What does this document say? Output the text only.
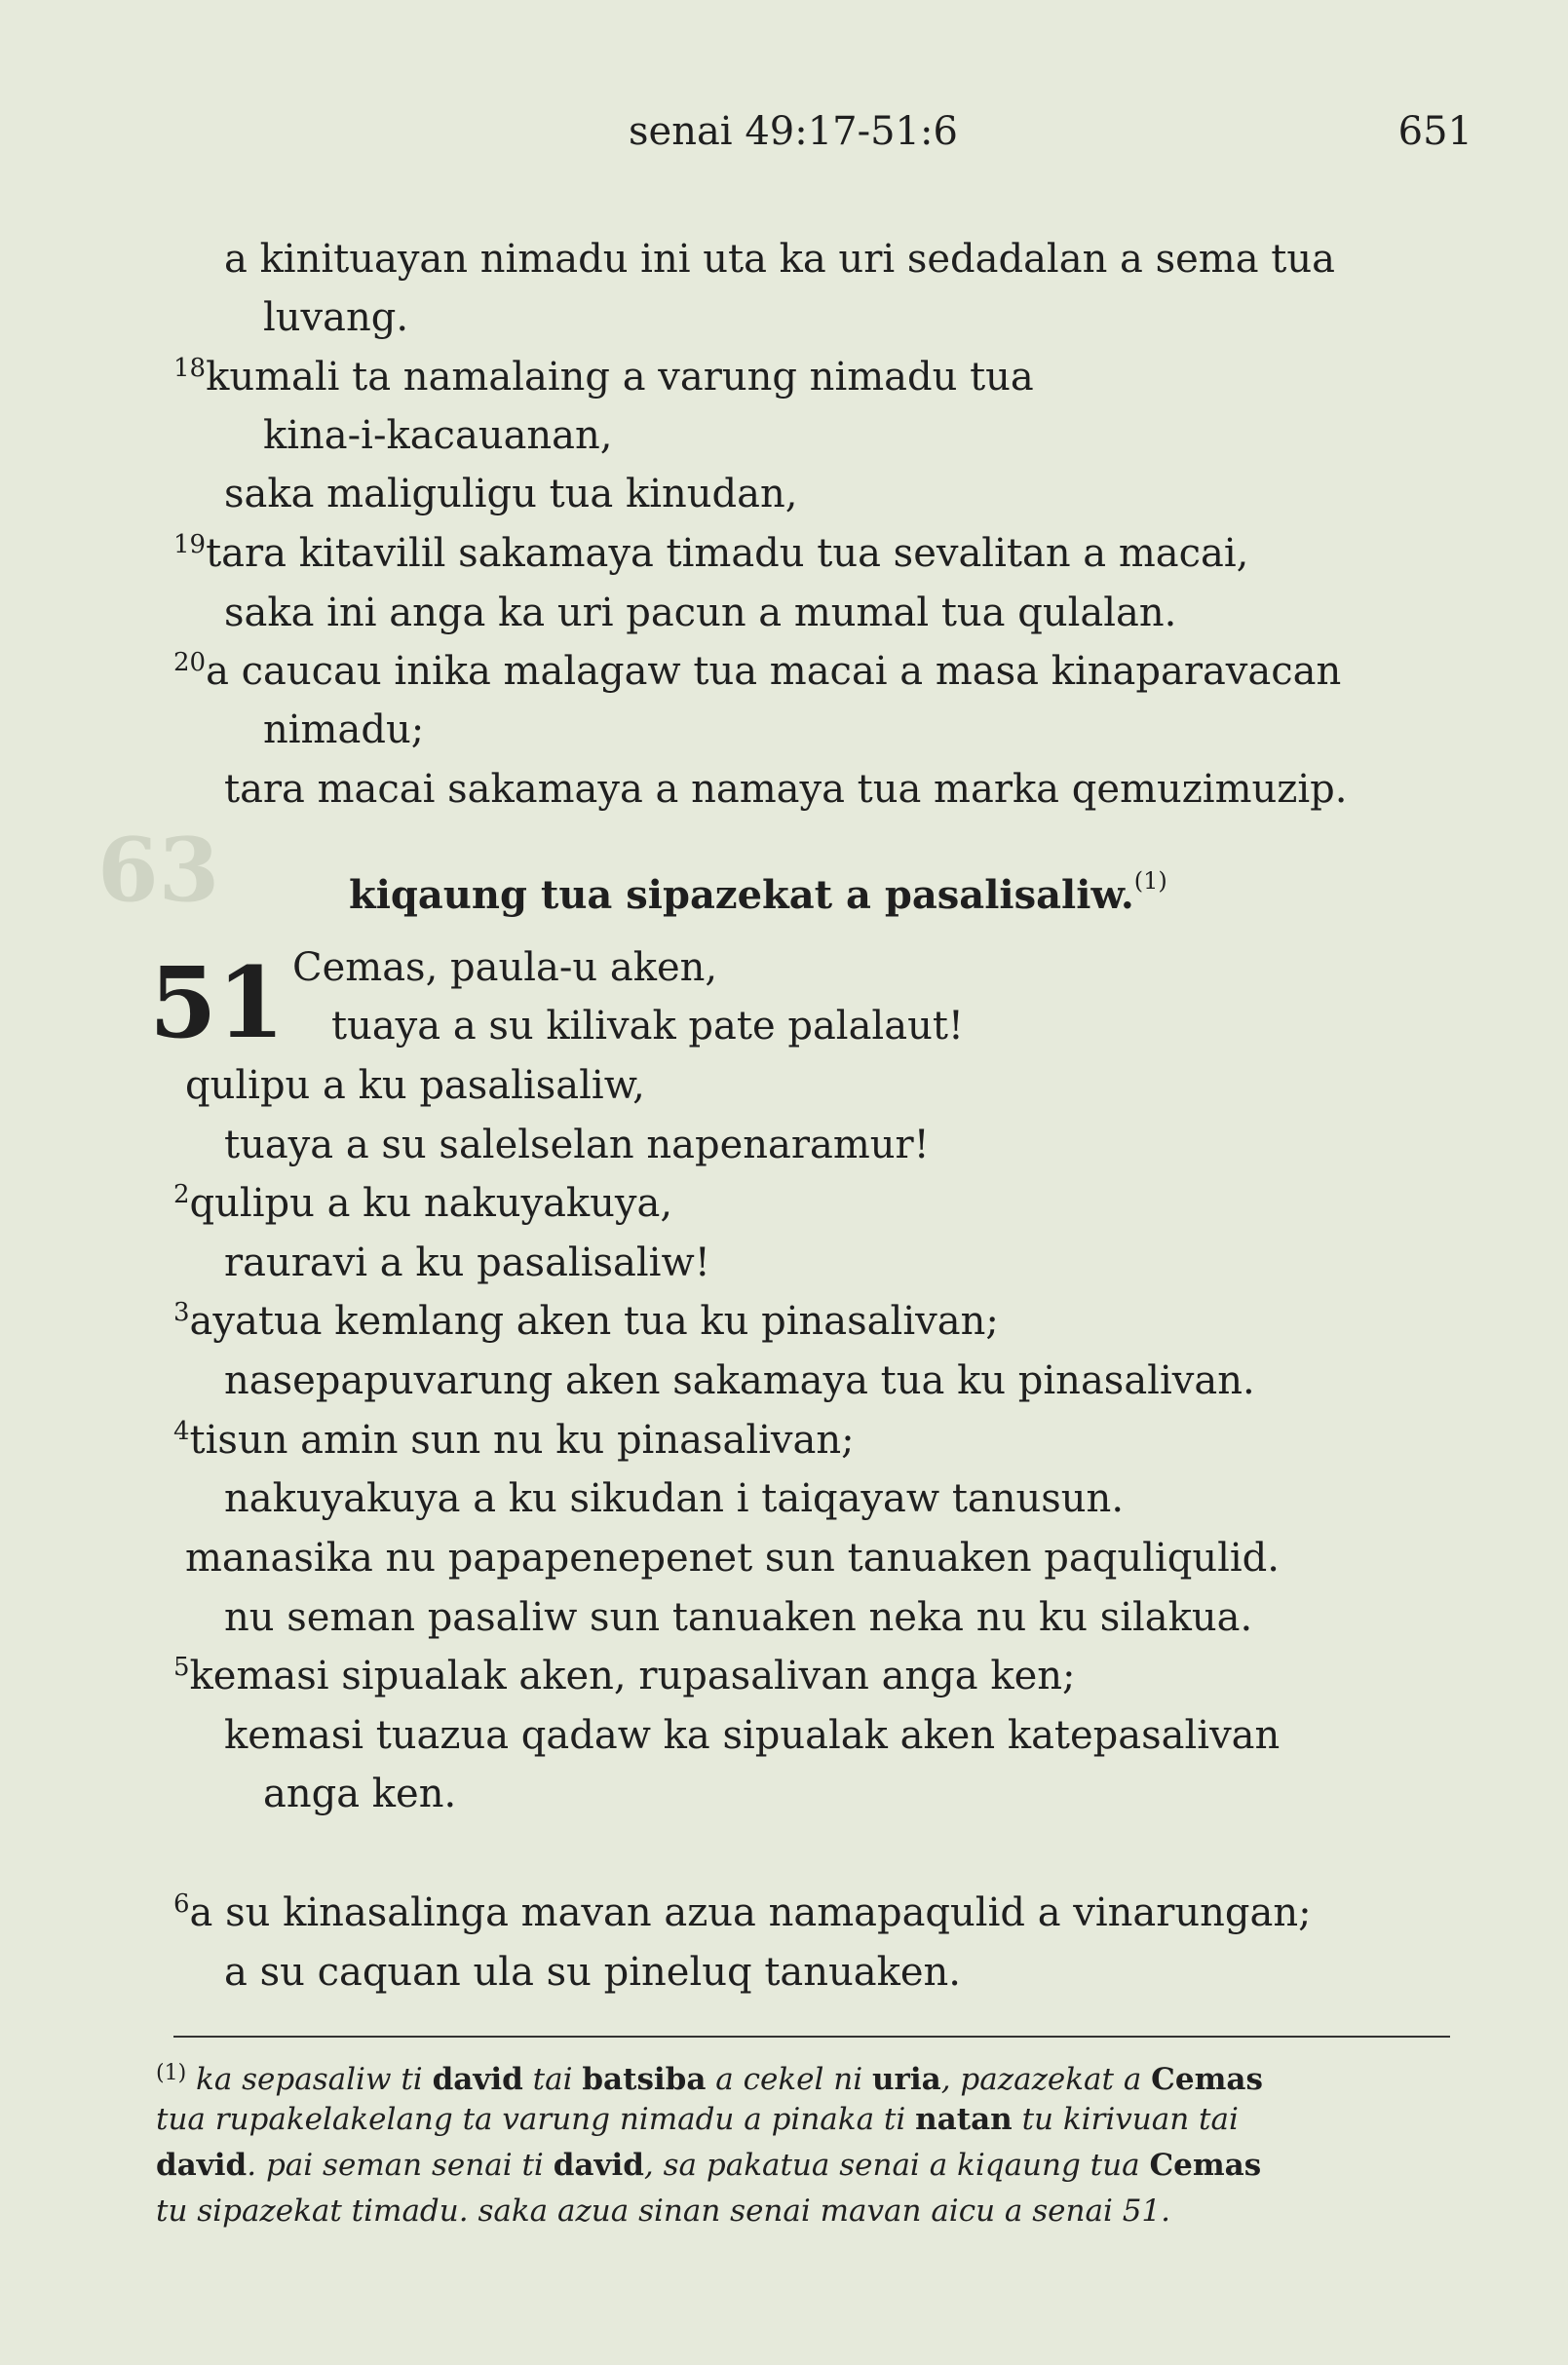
63
senai 49:17-51:6	651
a kinituayan nimadu ini uta ka uri sedadalan a sema tua
luvang.
$^{18}$kumali ta namalaing a varung nimadu tua
kina-i-kacauanan,
saka maliguligu tua kinudan,
$^{19}$tara kitavilil sakamaya timadu tua sevalitan a macai,
saka ini anga ka uri pacun a mumal tua qulalan.
$^{20}$a caucau inika malagaw tua macai a masa kinaparavacan
nimadu;
tara macai sakamaya a namaya tua marka qemuzimuzip.
kiqaung tua sipazekat a pasalisaliw.$^{(1)}$
51 Cemas, paula-u aken,
tuaya a su kilivak pate palalaut!
qulipu a ku pasalisaliw,
tuaya a su salelselan napenaramur!
$^2$qulipu a ku nakuyakuya,
rauravi a ku pasalisaliw!
$^3$ayatua kemlang aken tua ku pinasalivan;
nasepapuvarung aken sakamaya tua ku pinasalivan.
$^4$tisun amin sun nu ku pinasalivan;
nakuyakuya a ku sikudan i taiqayaw tanusun.
manasika nu papapenepenet sun tanuaken paquliqulid.
nu seman pasaliw sun tanuaken neka nu ku silakua.
$^5$kemasi sipualak aken, rupasalivan anga ken;
kemasi tuazua qadaw ka sipualak aken katepasalivan
anga ken.
$^6$a su kinasalinga mavan azua namapaqulid a vinarungan;
a su caquan ula su pineluq tanuaken.
$^{(1)}$ ka sepasaliw ti david tai batsiba a cekel ni uria, pazazekat a Cemas
tua rupakelakelang ta varung nimadu a pinaka ti natan tu kirivuan tai
david. pai seman senai ti david, sa pakatua senai a kiqaung tua Cemas
tu sipazekat timadu. saka azua sinan senai mavan aicu a senai 51.
